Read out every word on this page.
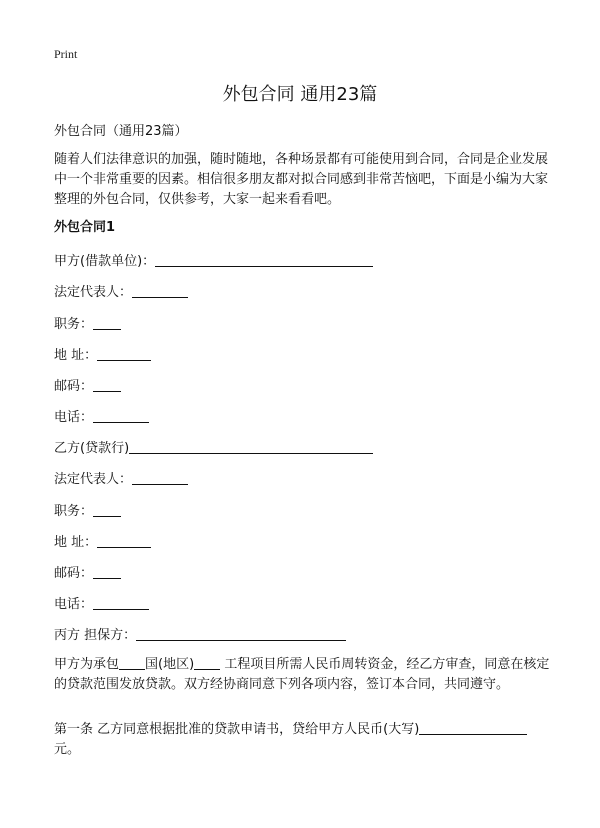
Print
外包合同 通用23篇
外包合同（通用23篇）
随着人们法律意识的加强，随时随地，各种场景都有可能使用到合同，合同是企业发展中一个非常重要的因素。相信很多朋友都对拟合同感到非常苦恼吧，下面是小编为大家整理的外包合同，仅供参考，大家一起来看看吧。
外包合同1
甲方(借款单位)：
法定代表人：
职务：
地 址：
邮码：
电话：
乙方(贷款行)
法定代表人：
职务：
地 址：
邮码：
电话：
丙方 担保方：
甲方为承包 国(地区) 工程项目所需人民币周转资金，经乙方审查，同意在核定的贷款范围发放贷款。双方经协商同意下列各项内容，签订本合同，共同遵守。
第一条 乙方同意根据批准的贷款申请书，贷给甲方人民币(大写)元。
